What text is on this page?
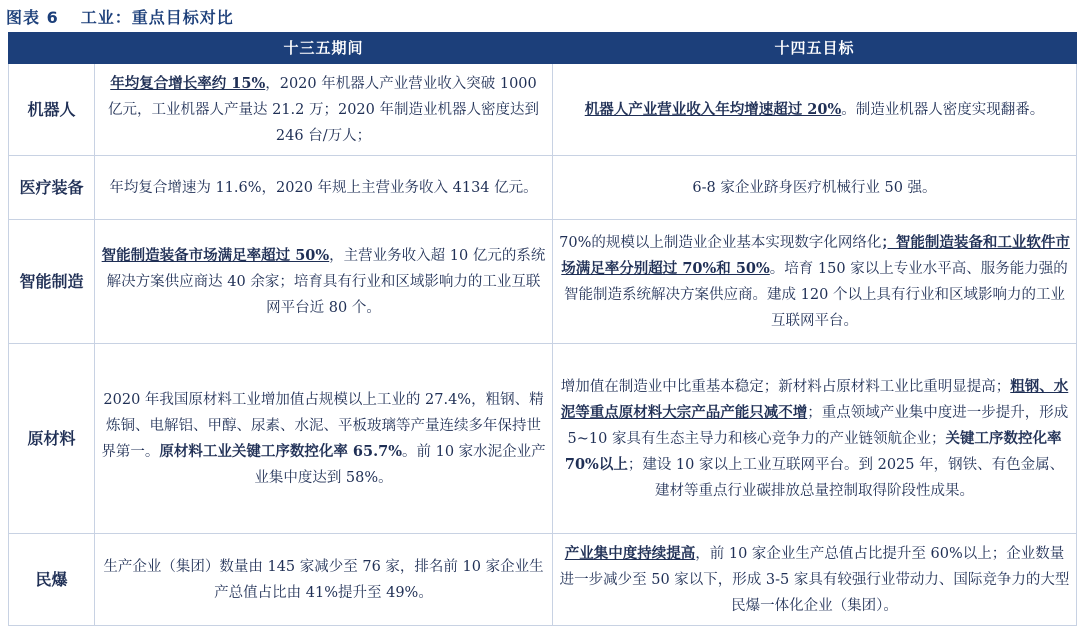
图表 6 工业：重点目标对比
	十三五期间	十四五目标
机器人	年均复合增长率约 15%，2020 年机器人产业营业收入突破 1000 亿元，工业机器人产量达 21.2 万；2020 年制造业机器人密度达到 246 台/万人；	机器人产业营业收入年均增速超过 20%。制造业机器人密度实现翻番。
医疗装备	年均复合增速为 11.6%，2020 年规上主营业务收入 4134 亿元。	6-8 家企业跻身医疗机械行业 50 强。
智能制造	智能制造装备市场满足率超过 50%，主营业务收入超 10 亿元的系统解决方案供应商达 40 余家；培育具有行业和区域影响力的工业互联网平台近 80 个。	70%的规模以上制造业企业基本实现数字化网络化；智能制造装备和工业软件市场满足率分别超过 70%和 50%。培育 150 家以上专业水平高、服务能力强的智能制造系统解决方案供应商。建成 120 个以上具有行业和区域影响力的工业互联网平台。
原材料	2020 年我国原材料工业增加值占规模以上工业的 27.4%，粗钢、精炼铜、电解铝、甲醇、尿素、水泥、平板玻璃等产量连续多年保持世界第一。原材料工业关键工序数控化率 65.7%。前 10 家水泥企业产业集中度达到 58%。	增加值在制造业中比重基本稳定；新材料占原材料工业比重明显提高；粗钢、水泥等重点原材料大宗产品产能只减不增；重点领域产业集中度进一步提升，形成 5~10 家具有生态主导力和核心竞争力的产业链领航企业；关键工序数控化率 70%以上；建设 10 家以上工业互联网平台。到 2025 年，钢铁、有色金属、建材等重点行业碳排放总量控制取得阶段性成果。
民爆	生产企业（集团）数量由 145 家减少至 76 家，排名前 10 家企业生产总值占比由 41%提升至 49%。	产业集中度持续提高，前 10 家企业生产总值占比提升至 60%以上；企业数量进一步减少至 50 家以下，形成 3-5 家具有较强行业带动力、国际竞争力的大型民爆一体化企业（集团）。
